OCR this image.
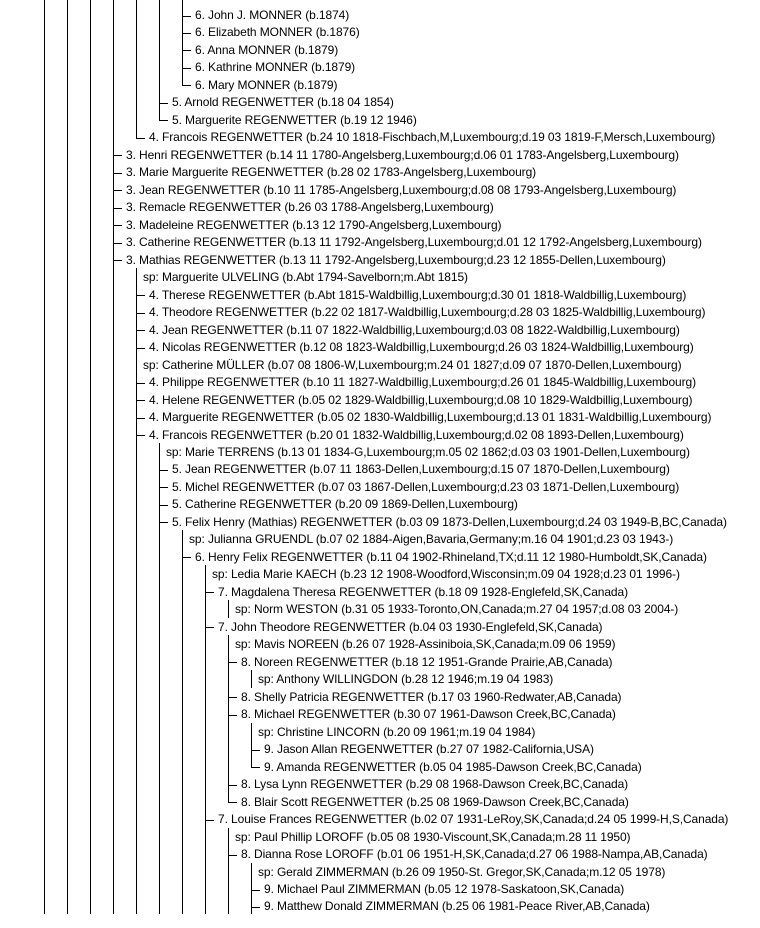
6. John J. MONNER (b.1874)
6. Elizabeth MONNER (b.1876)
6. Anna MONNER (b.1879)
6. Kathrine MONNER (b.1879)
6. Mary MONNER (b.1879)
5. Arnold REGENWETTER (b.18 04 1854)
5. Marguerite REGENWETTER (b.19 12 1946)
4. Francois REGENWETTER (b.24 10 1818-Fischbach,M,Luxembourg;d.19 03 1819-F,Mersch,Luxembourg)
3. Henri REGENWETTER (b.14 11 1780-Angelsberg,Luxembourg;d.06 01 1783-Angelsberg,Luxembourg)
3. Marie Marguerite REGENWETTER (b.28 02 1783-Angelsberg,Luxembourg)
3. Jean REGENWETTER (b.10 11 1785-Angelsberg,Luxembourg;d.08 08 1793-Angelsberg,Luxembourg)
3. Remacle REGENWETTER (b.26 03 1788-Angelsberg,Luxembourg)
3. Madeleine REGENWETTER (b.13 12 1790-Angelsberg,Luxembourg)
3. Catherine REGENWETTER (b.13 11 1792-Angelsberg,Luxembourg;d.01 12 1792-Angelsberg,Luxembourg)
3. Mathias REGENWETTER (b.13 11 1792-Angelsberg,Luxembourg;d.23 12 1855-Dellen,Luxembourg)
sp: Marguerite ULVELING (b.Abt 1794-Savelborn;m.Abt 1815)
4. Therese REGENWETTER (b.Abt 1815-Waldbillig,Luxembourg;d.30 01 1818-Waldbillig,Luxembourg)
4. Theodore REGENWETTER (b.22 02 1817-Waldbillig,Luxembourg;d.28 03 1825-Waldbillig,Luxembourg)
4. Jean REGENWETTER (b.11 07 1822-Waldbillig,Luxembourg;d.03 08 1822-Waldbillig,Luxembourg)
4. Nicolas REGENWETTER (b.12 08 1823-Waldbillig,Luxembourg;d.26 03 1824-Waldbillig,Luxembourg)
sp: Catherine MÜLLER (b.07 08 1806-W,Luxembourg;m.24 01 1827;d.09 07 1870-Dellen,Luxembourg)
4. Philippe REGENWETTER (b.10 11 1827-Waldbillig,Luxembourg;d.26 01 1845-Waldbillig,Luxembourg)
4. Helene REGENWETTER (b.05 02 1829-Waldbillig,Luxembourg;d.08 10 1829-Waldbillig,Luxembourg)
4. Marguerite REGENWETTER (b.05 02 1830-Waldbillig,Luxembourg;d.13 01 1831-Waldbillig,Luxembourg)
4. Francois REGENWETTER (b.20 01 1832-Waldbillig,Luxembourg;d.02 08 1893-Dellen,Luxembourg)
sp: Marie TERRENS (b.13 01 1834-G,Luxembourg;m.05 02 1862;d.03 03 1901-Dellen,Luxembourg)
5. Jean REGENWETTER (b.07 11 1863-Dellen,Luxembourg;d.15 07 1870-Dellen,Luxembourg)
5. Michel REGENWETTER (b.07 03 1867-Dellen,Luxembourg;d.23 03 1871-Dellen,Luxembourg)
5. Catherine REGENWETTER (b.20 09 1869-Dellen,Luxembourg)
5. Felix Henry (Mathias) REGENWETTER (b.03 09 1873-Dellen,Luxembourg;d.24 03 1949-B,BC,Canada)
sp: Julianna GRUENDL (b.07 02 1884-Aigen,Bavaria,Germany;m.16 04 1901;d.23 03 1943-)
6. Henry Felix REGENWETTER (b.11 04 1902-Rhineland,TX;d.11 12 1980-Humboldt,SK,Canada)
sp: Ledia Marie KAECH (b.23 12 1908-Woodford,Wisconsin;m.09 04 1928;d.23 01 1996-)
7. Magdalena Theresa REGENWETTER (b.18 09 1928-Englefeld,SK,Canada)
sp: Norm WESTON (b.31 05 1933-Toronto,ON,Canada;m.27 04 1957;d.08 03 2004-)
7. John Theodore REGENWETTER (b.04 03 1930-Englefeld,SK,Canada)
sp: Mavis NOREEN (b.26 07 1928-Assiniboia,SK,Canada;m.09 06 1959)
8. Noreen REGENWETTER (b.18 12 1951-Grande Prairie,AB,Canada)
sp: Anthony WILLINGDON (b.28 12 1946;m.19 04 1983)
8. Shelly Patricia REGENWETTER (b.17 03 1960-Redwater,AB,Canada)
8. Michael REGENWETTER (b.30 07 1961-Dawson Creek,BC,Canada)
sp: Christine LINCORN (b.20 09 1961;m.19 04 1984)
9. Jason Allan REGENWETTER (b.27 07 1982-California,USA)
9. Amanda REGENWETTER (b.05 04 1985-Dawson Creek,BC,Canada)
8. Lysa Lynn REGENWETTER (b.29 08 1968-Dawson Creek,BC,Canada)
8. Blair Scott REGENWETTER (b.25 08 1969-Dawson Creek,BC,Canada)
7. Louise Frances REGENWETTER (b.02 07 1931-LeRoy,SK,Canada;d.24 05 1999-H,S,Canada)
sp: Paul Phillip LOROFF (b.05 08 1930-Viscount,SK,Canada;m.28 11 1950)
8. Dianna Rose LOROFF (b.01 06 1951-H,SK,Canada;d.27 06 1988-Nampa,AB,Canada)
sp: Gerald ZIMMERMAN (b.26 09 1950-St. Gregor,SK,Canada;m.12 05 1978)
9. Michael Paul ZIMMERMAN (b.05 12 1978-Saskatoon,SK,Canada)
9. Matthew Donald ZIMMERMAN (b.25 06 1981-Peace River,AB,Canada)
